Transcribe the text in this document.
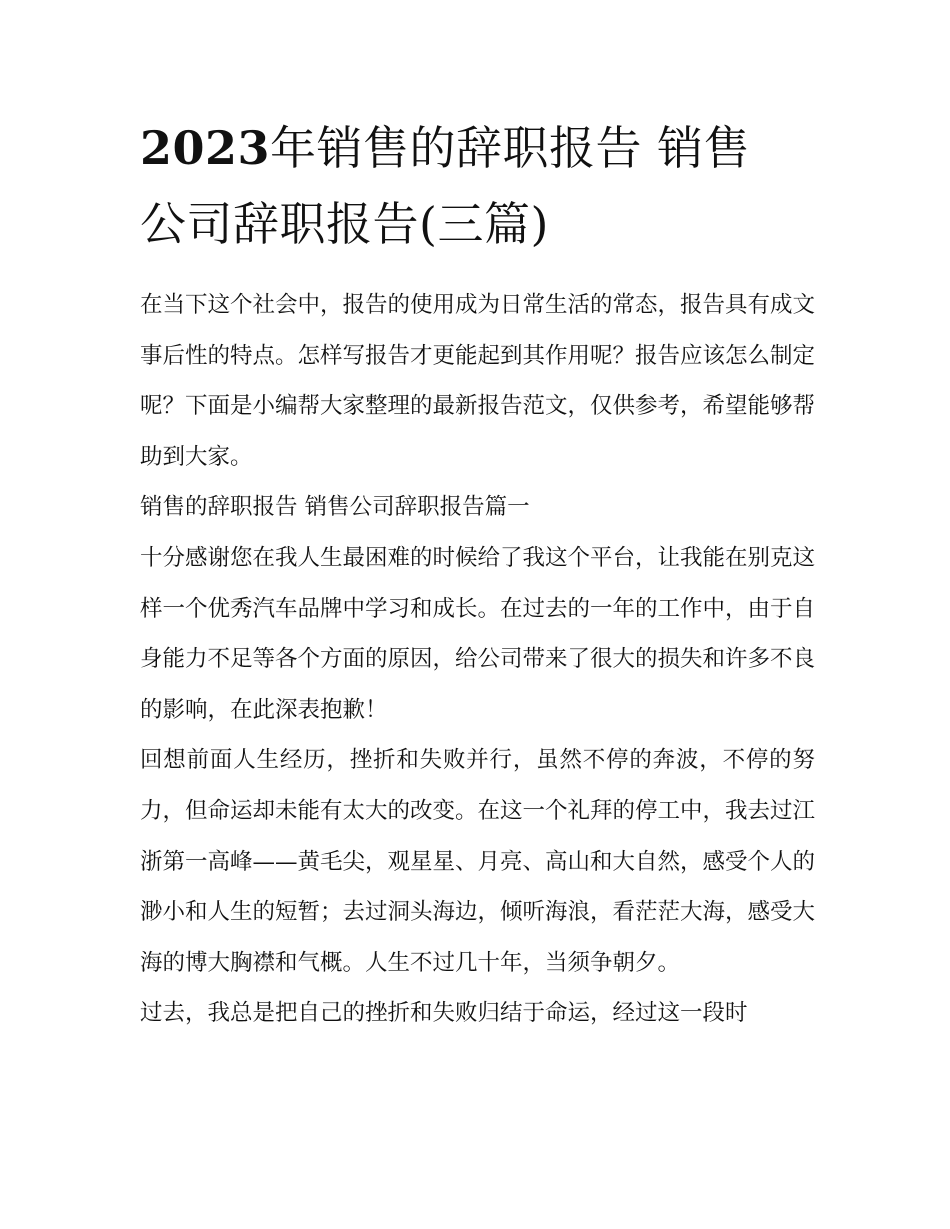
2023年销售的辞职报告 销售
公司辞职报告(三篇)

在当下这个社会中，报告的使用成为日常生活的常态，报告具有成文事后性的特点。怎样写报告才更能起到其作用呢？报告应该怎么制定呢？下面是小编帮大家整理的最新报告范文，仅供参考，希望能够帮助到大家。

销售的辞职报告 销售公司辞职报告篇一

十分感谢您在我人生最困难的时候给了我这个平台，让我能在别克这样一个优秀汽车品牌中学习和成长。在过去的一年的工作中，由于自身能力不足等各个方面的原因，给公司带来了很大的损失和许多不良的影响，在此深表抱歉！

回想前面人生经历，挫折和失败并行，虽然不停的奔波，不停的努力，但命运却未能有太大的改变。在这一个礼拜的停工中，我去过江浙第一高峰——黄毛尖，观星星、月亮、高山和大自然，感受个人的渺小和人生的短暂；去过洞头海边，倾听海浪，看茫茫大海，感受大海的博大胸襟和气概。人生不过几十年，当须争朝夕。

过去，我总是把自己的挫折和失败归结于命运，经过这一段时
